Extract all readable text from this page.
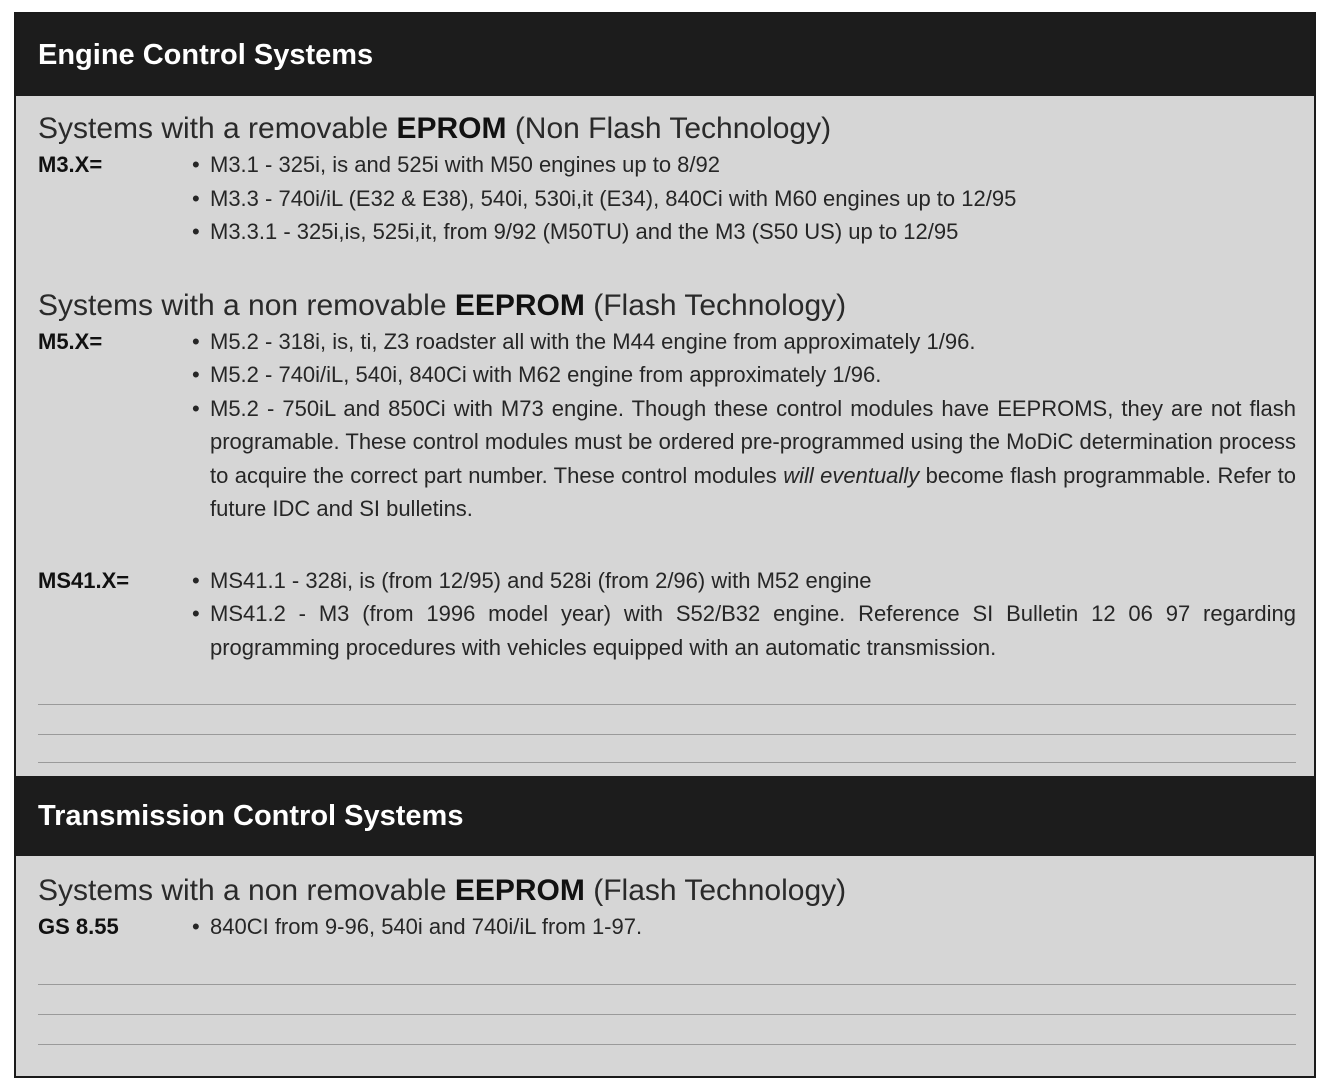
Engine Control Systems
Systems with a removable EPROM (Non Flash Technology)
M3.X=	• M3.1 - 325i, is and 525i with M50 engines up to 8/92
• M3.3 - 740i/iL (E32 & E38), 540i, 530i,it (E34), 840Ci with M60 engines up to 12/95
• M3.3.1 - 325i,is, 525i,it, from 9/92 (M50TU) and the M3 (S50 US) up to 12/95
Systems with a non removable EEPROM (Flash Technology)
M5.X=	• M5.2 - 318i, is, ti, Z3 roadster all with the M44 engine from approximately 1/96.
• M5.2 - 740i/iL, 540i, 840Ci with M62 engine from approximately 1/96.
• M5.2 - 750iL and 850Ci with M73 engine. Though these control modules have EEPROMS, they are not flash programable. These control modules must be ordered pre-programmed using the MoDiC determination process to acquire the correct part number. These control modules will eventually become flash programmable. Refer to future IDC and SI bulletins.
MS41.X=	• MS41.1 - 328i, is (from 12/95) and 528i (from 2/96) with M52 engine
• MS41.2 - M3 (from 1996 model year) with S52/B32 engine. Reference SI Bulletin 12 06 97 regarding programming procedures with vehicles equipped with an automatic transmission.
Transmission Control Systems
Systems with a non removable EEPROM (Flash Technology)
GS 8.55	• 840CI from 9-96, 540i and 740i/iL from 1-97.
